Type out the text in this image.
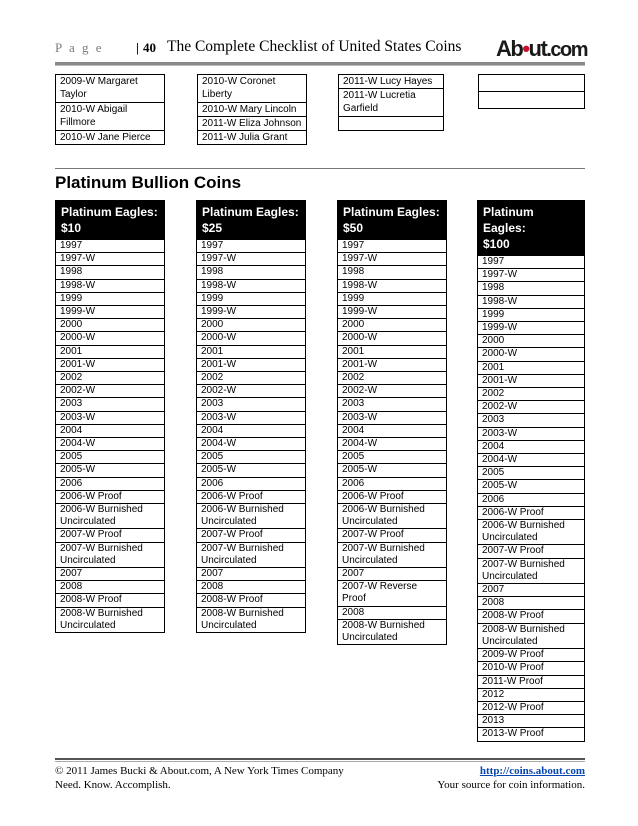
P a g e | 40 The Complete Checklist of United States Coins Ab•ut.com
2009-W Margaret Taylor
2010-W Abigail Fillmore
2010-W Jane Pierce
2010-W Coronet Liberty
2010-W Mary Lincoln
2011-W Eliza Johnson
2011-W Julia Grant
2011-W Lucy Hayes
2011-W Lucretia Garfield

Platinum Bullion Coins
Platinum Eagles:
$10

1997
1997-W
1998
1998-W
1999
1999-W
2000
2000-W
2001
2001-W
2002
2002-W
2003
2003-W
2004
2004-W
2005
2005-W
2006
2006-W Proof
2006-W Burnished Uncirculated
2007-W Proof
2007-W Burnished Uncirculated
2007
2008
2008-W Proof
2008-W Burnished Uncirculated
Platinum Eagles:
$25

1997
1997-W
1998
1998-W
1999
1999-W
2000
2000-W
2001
2001-W
2002
2002-W
2003
2003-W
2004
2004-W
2005
2005-W
2006
2006-W Proof
2006-W Burnished Uncirculated
2007-W Proof
2007-W Burnished Uncirculated
2007
2008
2008-W Proof
2008-W Burnished Uncirculated
Platinum Eagles:
$50

1997
1997-W
1998
1998-W
1999
1999-W
2000
2000-W
2001
2001-W
2002
2002-W
2003
2003-W
2004
2004-W
2005
2005-W
2006
2006-W Proof
2006-W Burnished Uncirculated
2007-W Proof
2007-W Burnished Uncirculated
2007
2007-W Reverse Proof
2008
2008-W Burnished Uncirculated
Platinum Eagles:
$100

1997
1997-W
1998
1998-W
1999
1999-W
2000
2000-W
2001
2001-W
2002
2002-W
2003
2003-W
2004
2004-W
2005
2005-W
2006
2006-W Proof
2006-W Burnished Uncirculated
2007-W Proof
2007-W Burnished Uncirculated
2007
2008
2008-W Proof
2008-W Burnished Uncirculated
2009-W Proof
2010-W Proof
2011-W Proof
2012
2012-W Proof
2013
2013-W Proof
© 2011 James Bucki & About.com, A New York Times Company
Need. Know. Accomplish.
http://coins.about.com
Your source for coin information.
